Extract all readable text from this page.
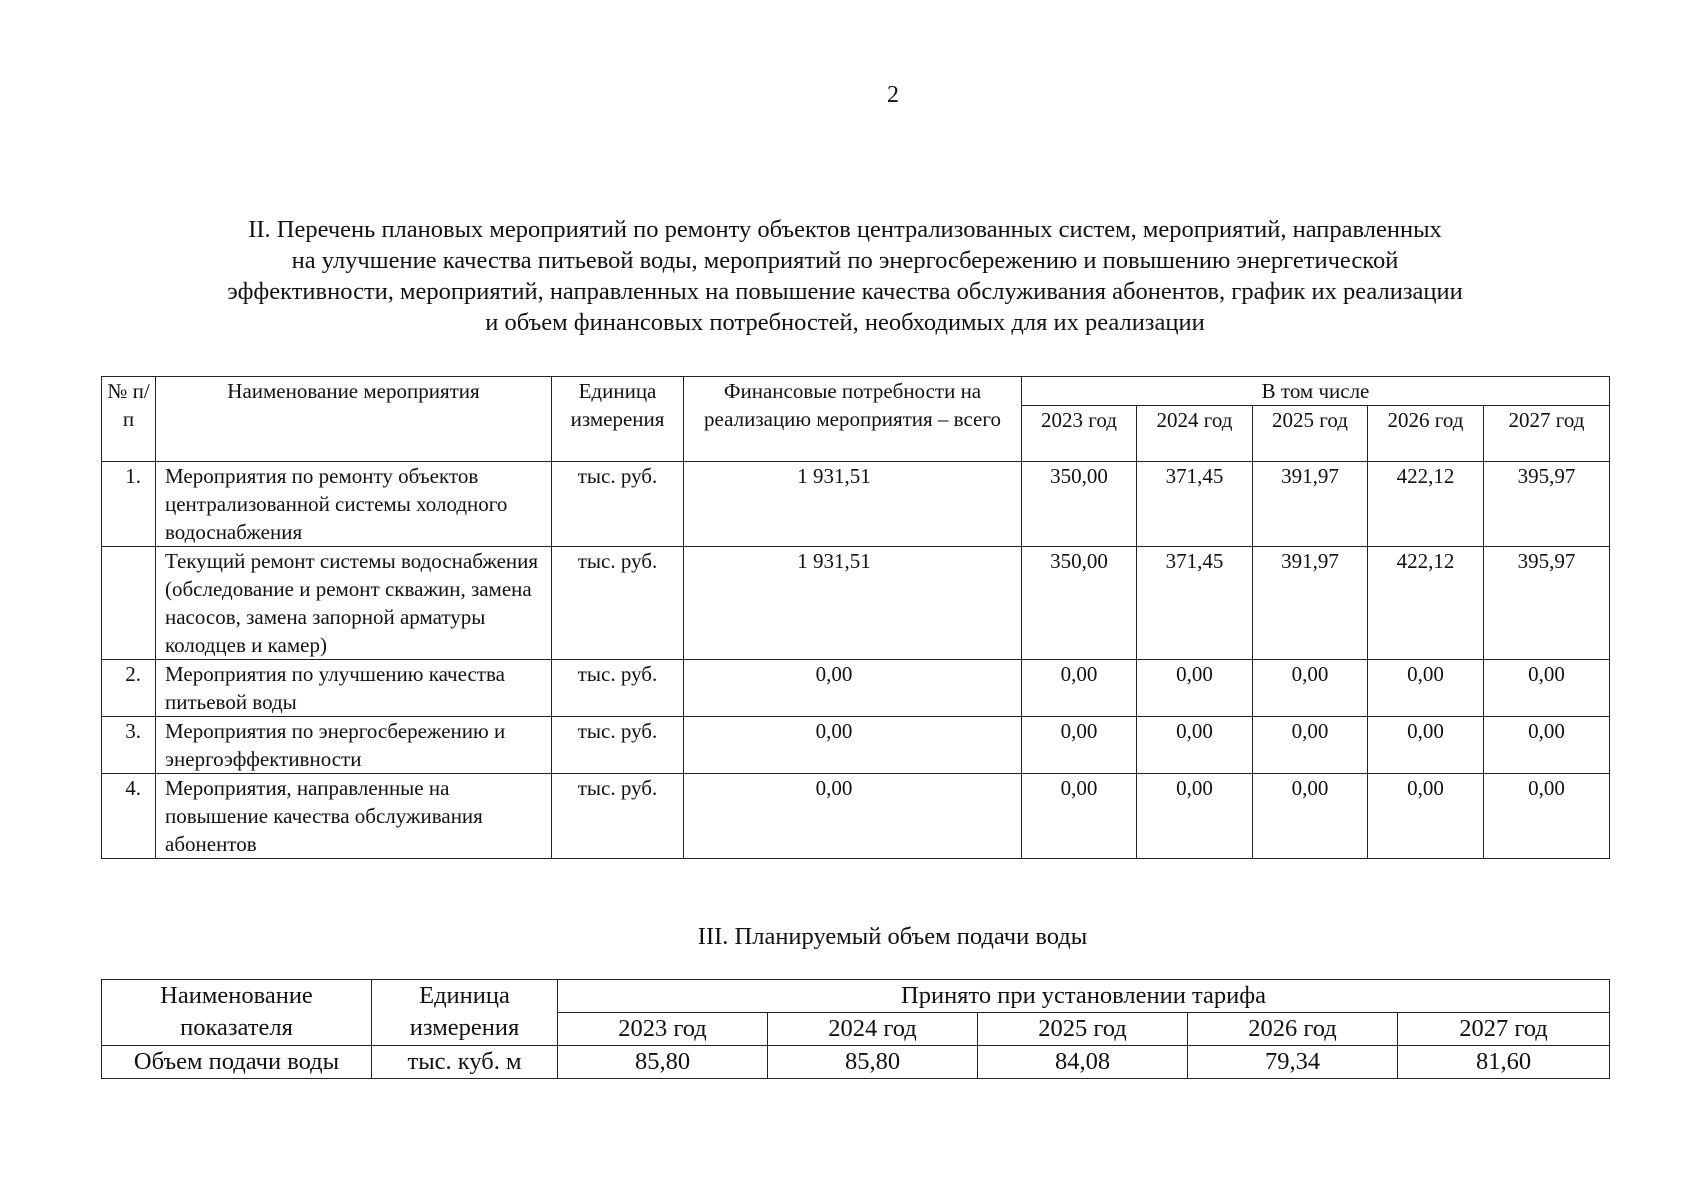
2
II. Перечень плановых мероприятий по ремонту объектов централизованных систем, мероприятий, направленных
на улучшение качества питьевой воды, мероприятий по энергосбережению и повышению энергетической
эффективности, мероприятий, направленных на повышение качества обслуживания абонентов, график их реализации
и объем финансовых потребностей, необходимых для их реализации
№ п/п	Наименование мероприятия	Единица измерения	Финансовые потребности на реализацию мероприятия – всего	В том числе				
				2023 год	2024 год	2025 год	2026 год	2027 год
1.	Мероприятия по ремонту объектов централизованной системы холодного водоснабжения	тыс. руб.	1 931,51	350,00	371,45	391,97	422,12	395,97
	Текущий ремонт системы водоснабжения (обследование и ремонт скважин, замена насосов, замена запорной арматуры колодцев и камер)	тыс. руб.	1 931,51	350,00	371,45	391,97	422,12	395,97
2.	Мероприятия по улучшению качества питьевой воды	тыс. руб.	0,00	0,00	0,00	0,00	0,00	0,00
3.	Мероприятия по энергосбережению и энергоэффективности	тыс. руб.	0,00	0,00	0,00	0,00	0,00	0,00
4.	Мероприятия, направленные на повышение качества обслуживания абонентов	тыс. руб.	0,00	0,00	0,00	0,00	0,00	0,00
III. Планируемый объем подачи воды
Наименование показателя	Единица измерения	Принято при установлении тарифа				
		2023 год	2024 год	2025 год	2026 год	2027 год
Объем подачи воды	тыс. куб. м	85,80	85,80	84,08	79,34	81,60
